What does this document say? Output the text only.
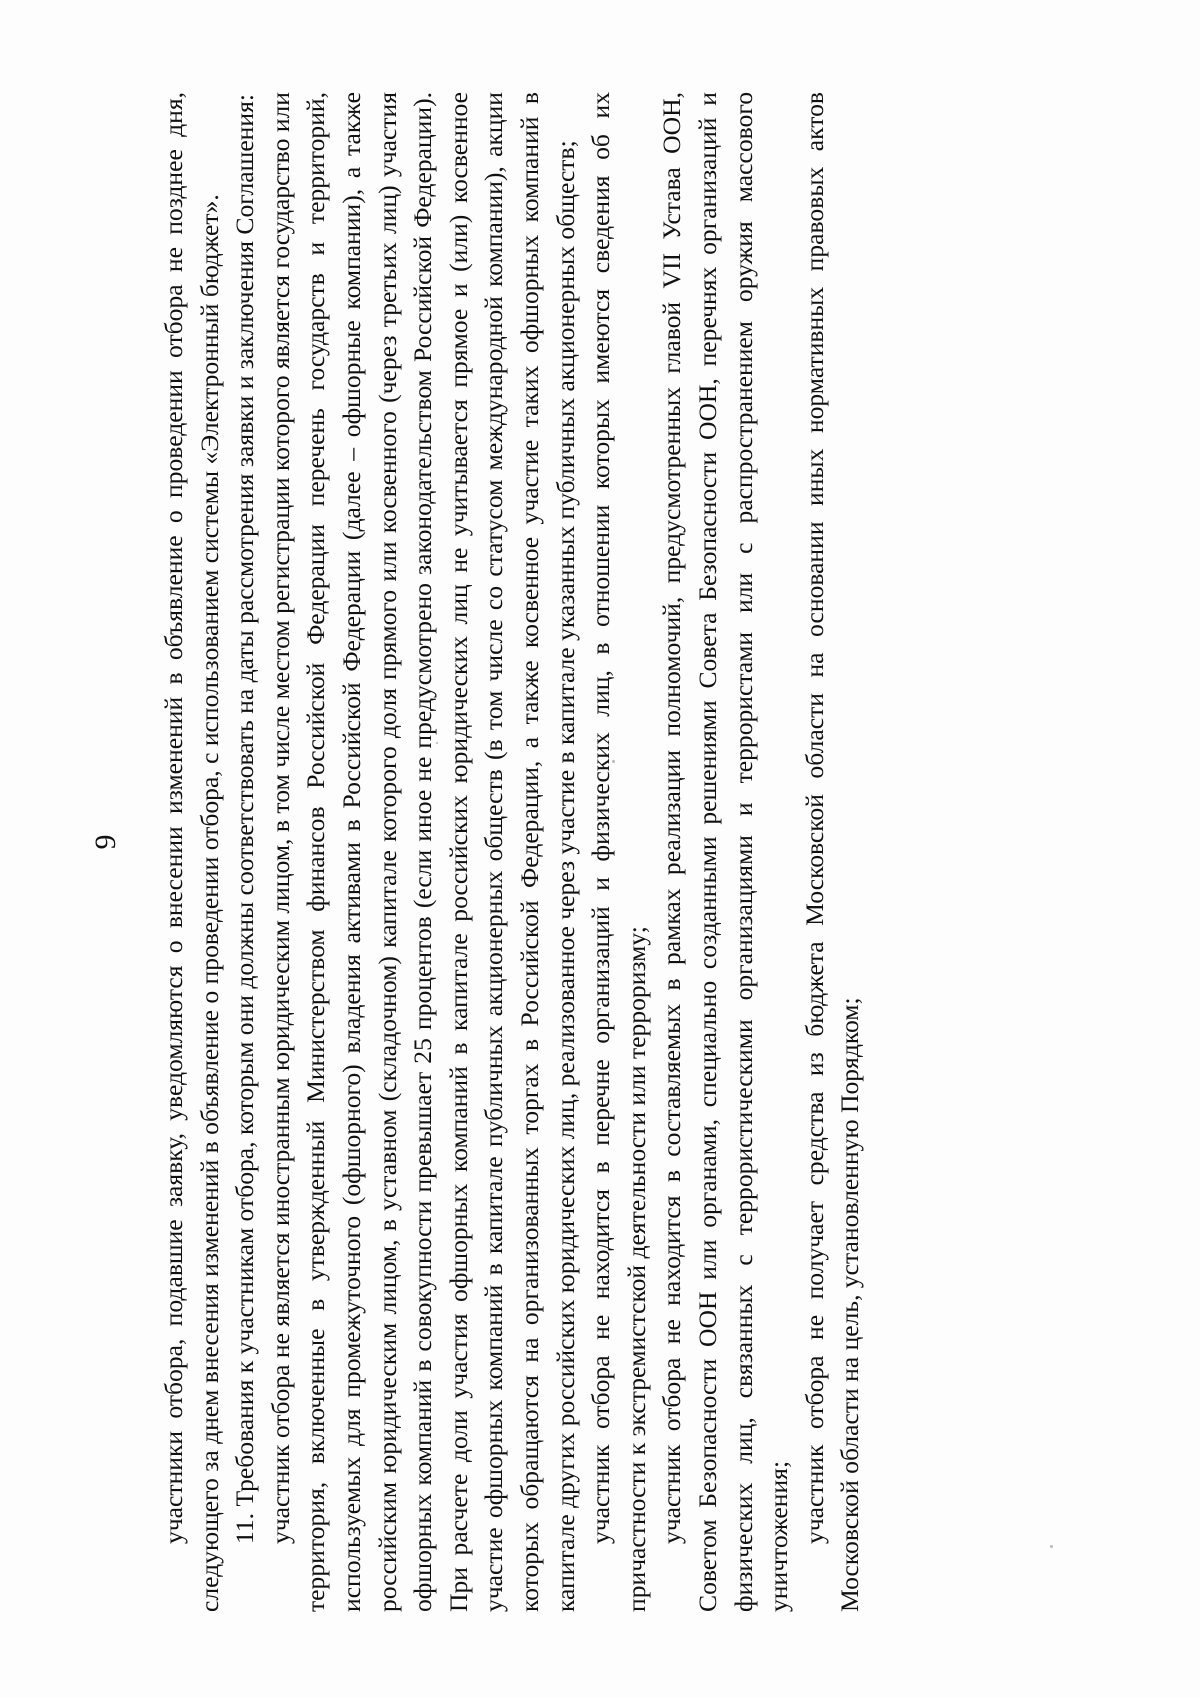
9	участники отбора, подавшие заявку, уведомляются о внесении изменений в объявление о проведении отбора не позднее дня, следующего за днем внесения изменений в объявление о проведении отбора, с использованием системы «Электронный бюджет». 11. Требования к участникам отбора, которым они должны соответствовать на даты рассмотрения заявки и заключения Соглашения: участник отбора не является иностранным юридическим лицом, в том числе местом регистрации которого является государство или территория, включенные в утвержденный Министерством финансов Российской Федерации перечень государств и территорий, используемых для промежуточного (офшорного) владения активами в Российской Федерации (далее – офшорные компании), а также российским юридическим лицом, в уставном (складочном) капитале которого доля прямого или косвенного (через третьих лиц) участия офшорных компаний в совокупности превышает 25 процентов (если иное не предусмотрено законодательством Российской Федерации). При расчете доли участия офшорных компаний в капитале российских юридических лиц не учитывается прямое и (или) косвенное участие офшорных компаний в капитале публичных акционерных обществ (в том числе со статусом международной компании), акции которых обращаются на организованных торгах в Российской Федерации, а также косвенное участие таких офшорных компаний в капитале других российских юридических лиц, реализованное через участие в капитале указанных публичных акционерных обществ; участник отбора не находится в перечне организаций и физических лиц, в отношении которых имеются сведения об их причастности к экстремистской деятельности или терроризму; участник отбора не находится в составляемых в рамках реализации полномочий, предусмотренных главой VII Устава ООН, Советом Безопасности ООН или органами, специально созданными решениями Совета Безопасности ООН, перечнях организаций и физических лиц, связанных с террористическими организациями и террористами или с распространением оружия массового уничтожения; участник отбора не получает средства из бюджета Московской области на основании иных нормативных правовых актов Московской области на цель, установленную Порядком;
